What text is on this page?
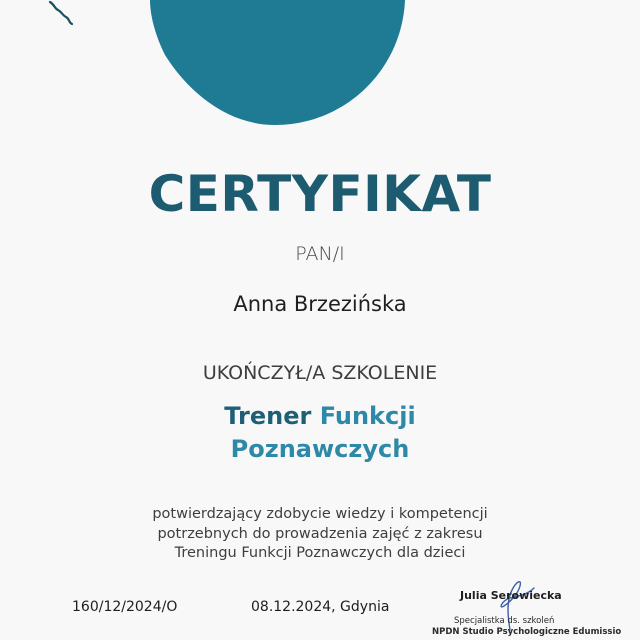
CERTYFIKAT
PAN/I
Anna Brzezińska
UKOŃCZYŁ/A SZKOLENIE
Trener Funkcji
Poznawczych
potwierdzający zdobycie wiedzy i kompetencji
potrzebnych do prowadzenia zajęć z zakresu
Treningu Funkcji Poznawczych dla dzieci
160/12/2024/O	08.12.2024, Gdynia
Julia Serowiecka
Specjalistka ds. szkoleń
NPDN Studio Psychologiczne Edumissio
